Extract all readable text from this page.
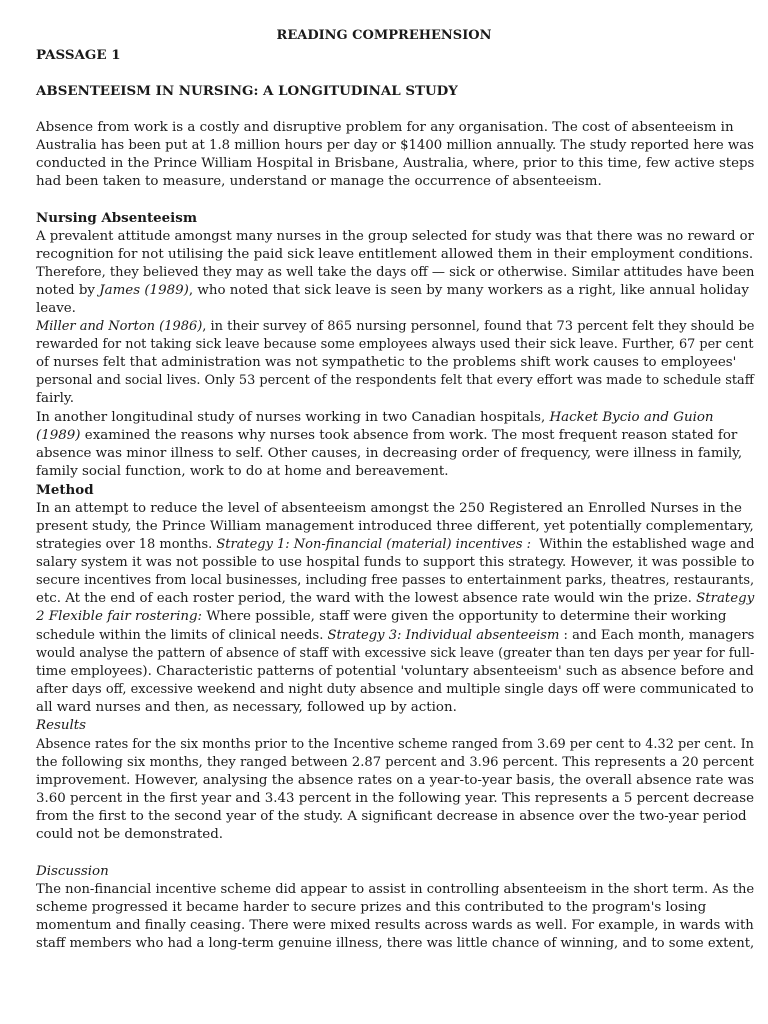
READING COMPREHENSION
PASSAGE 1
ABSENTEEISM IN NURSING: A LONGITUDINAL STUDY
Absence from work is a costly and disruptive problem for any organisation. The cost of absenteeism in
Australia has been put at 1.8 million hours per day or $1400 million annually. The study reported here was
conducted in the Prince William Hospital in Brisbane, Australia, where, prior to this time, few active steps
had been taken to measure, understand or manage the occurrence of absenteeism.
Nursing Absenteeism
A prevalent attitude amongst many nurses in the group selected for study was that there was no reward or
recognition for not utilising the paid sick leave entitlement allowed them in their employment conditions.
Therefore, they believed they may as well take the days off — sick or otherwise. Similar attitudes have been
noted by James (1989), who noted that sick leave is seen by many workers as a right, like annual holiday
leave.
Miller and Norton (1986), in their survey of 865 nursing personnel, found that 73 percent felt they should be
rewarded for not taking sick leave because some employees always used their sick leave. Further, 67 per cent
of nurses felt that administration was not sympathetic to the problems shift work causes to employees'
personal and social lives. Only 53 percent of the respondents felt that every effort was made to schedule staff
fairly.
In another longitudinal study of nurses working in two Canadian hospitals, Hacket Bycio and Guion
(1989) examined the reasons why nurses took absence from work. The most frequent reason stated for
absence was minor illness to self. Other causes, in decreasing order of frequency, were illness in family,
family social function, work to do at home and bereavement.
Method
In an attempt to reduce the level of absenteeism amongst the 250 Registered an Enrolled Nurses in the
present study, the Prince William management introduced three different, yet potentially complementary,
strategies over 18 months. Strategy 1: Non-financial (material) incentives :  Within the established wage and
salary system it was not possible to use hospital funds to support this strategy. However, it was possible to
secure incentives from local businesses, including free passes to entertainment parks, theatres, restaurants,
etc. At the end of each roster period, the ward with the lowest absence rate would win the prize. Strategy
2 Flexible fair rostering: Where possible, staff were given the opportunity to determine their working
schedule within the limits of clinical needs. Strategy 3: Individual absenteeism : and Each month, managers
would analyse the pattern of absence of staff with excessive sick leave (greater than ten days per year for full-
time employees). Characteristic patterns of potential 'voluntary absenteeism' such as absence before and
after days off, excessive weekend and night duty absence and multiple single days off were communicated to
all ward nurses and then, as necessary, followed up by action.
Results
Absence rates for the six months prior to the Incentive scheme ranged from 3.69 per cent to 4.32 per cent. In
the following six months, they ranged between 2.87 percent and 3.96 percent. This represents a 20 percent
improvement. However, analysing the absence rates on a year-to-year basis, the overall absence rate was
3.60 percent in the first year and 3.43 percent in the following year. This represents a 5 percent decrease
from the first to the second year of the study. A significant decrease in absence over the two-year period
could not be demonstrated.
Discussion
The non-financial incentive scheme did appear to assist in controlling absenteeism in the short term. As the
scheme progressed it became harder to secure prizes and this contributed to the program's losing
momentum and finally ceasing. There were mixed results across wards as well. For example, in wards with
staff members who had a long-term genuine illness, there was little chance of winning, and to some extent,
